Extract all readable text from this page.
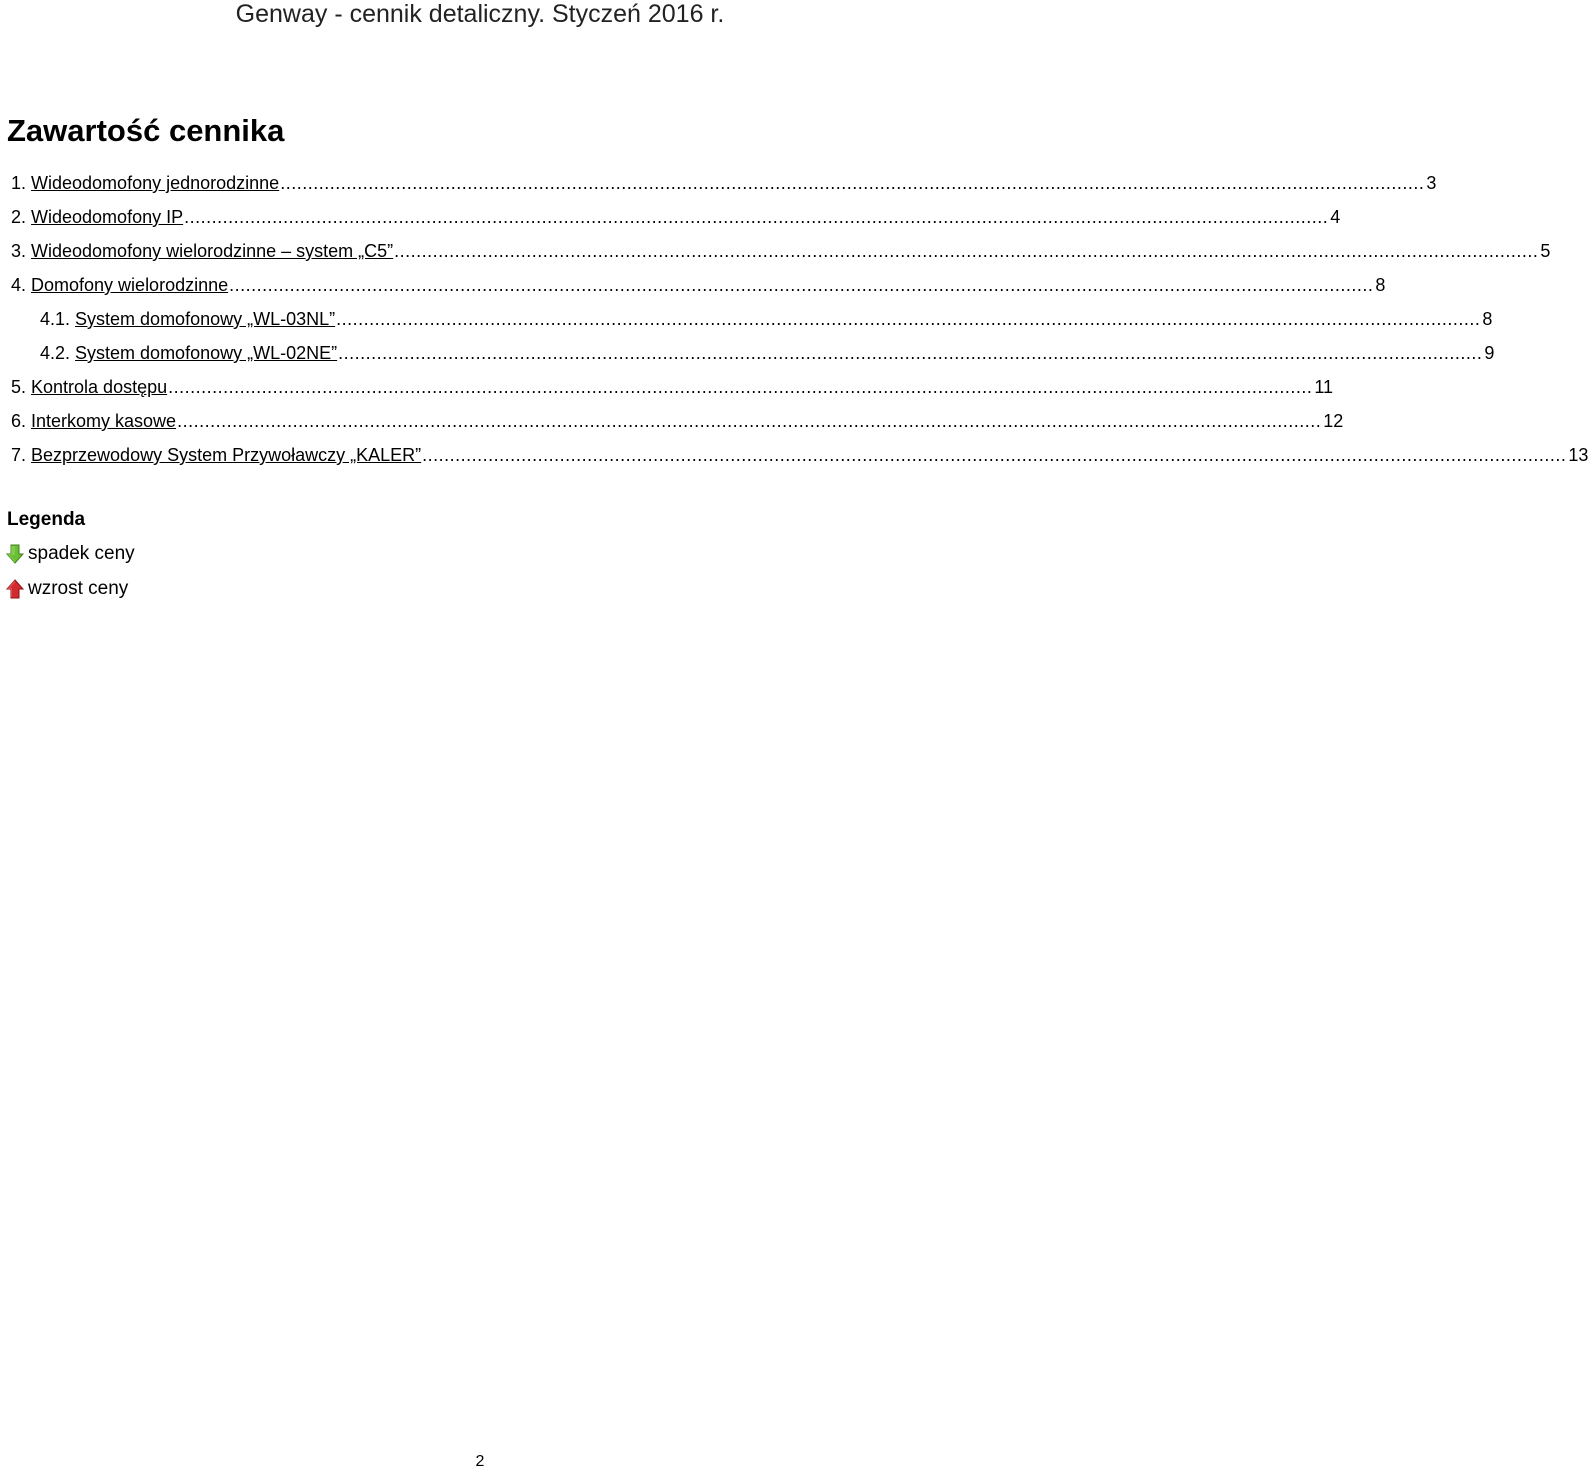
Genway - cennik detaliczny. Styczeń 2016 r.
Zawartość cennika
1. Wideodomofony jednorodzinne ................................................................................................................................................................................................................ 3
2. Wideodomofony IP ................................................................................................................................................................................................................ 4
3. Wideodomofony wielorodzinne – system „C5” ................................................................................................................................................................................................................ 5
4. Domofony wielorodzinne ................................................................................................................................................................................................................ 8
4.1. System domofonowy „WL-03NL” ................................................................................................................................................................................................................ 8
4.2. System domofonowy „WL-02NE” ................................................................................................................................................................................................................ 9
5. Kontrola dostępu ................................................................................................................................................................................................................ 11
6. Interkomy kasowe ................................................................................................................................................................................................................ 12
7. Bezprzewodowy System Przywoławczy „KALER” ................................................................................................................................................................................................................ 13
Legenda
spadek ceny
wzrost ceny
2
